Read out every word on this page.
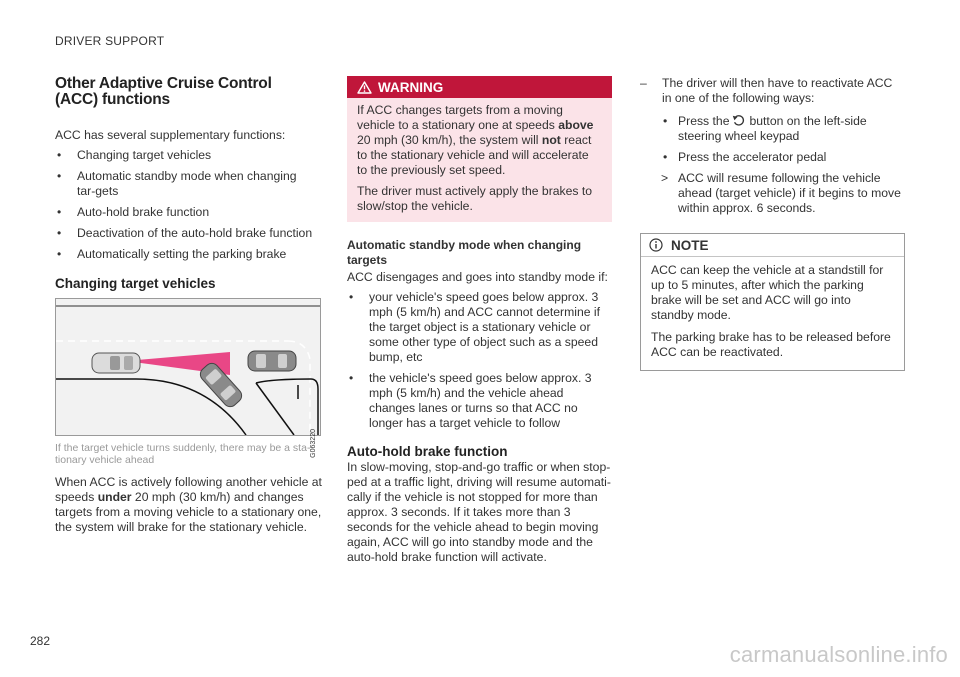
DRIVER SUPPORT
Other Adaptive Cruise Control
(ACC) functions

ACC has several supplementary functions:

• Changing target vehicles
• Automatic standby mode when changing tar-gets
• Auto-hold brake function
• Deactivation of the auto-hold brake function
• Automatically setting the parking brake
Changing target vehicles
G063220

If the target vehicle turns suddenly, there may be a sta-tionary vehicle ahead

When ACC is actively following another vehicle at speeds under 20 mph (30 km/h) and changes targets from a moving vehicle to a stationary one, the system will brake for the stationary vehicle.

WARNING

If ACC changes targets from a moving vehicle to a stationary one at speeds above 20 mph (30 km/h), the system will not react to the stationary vehicle and will accelerate to the previously set speed.

The driver must actively apply the brakes to slow/stop the vehicle.

Automatic standby mode when changing targets

ACC disengages and goes into standby mode if:

• your vehicle's speed goes below approx. 3 mph (5 km/h) and ACC cannot determine if the target object is a stationary vehicle or some other type of object such as a speed bump, etc
• the vehicle's speed goes below approx. 3 mph (5 km/h) and the vehicle ahead changes lanes or turns so that ACC no longer has a target vehicle to follow
Auto-hold brake function

In slow-moving, stop-and-go traffic or when stop-ped at a traffic light, driving will resume automati-cally if the vehicle is not stopped for more than approx. 3 seconds. If it takes more than 3 seconds for the vehicle ahead to begin moving again, ACC will go into standby mode and the auto-hold brake function will activate.

– The driver will then have to reactivate ACC in one of the following ways:
• Press the button on the left-side steering wheel keypad
• Press the accelerator pedal
> ACC will resume following the vehicle ahead (target vehicle) if it begins to move within approx. 6 seconds.
NOTE

ACC can keep the vehicle at a standstill for up to 5 minutes, after which the parking brake will be set and ACC will go into standby mode.

The parking brake has to be released before ACC can be reactivated.

282
carmanualsonline.info
